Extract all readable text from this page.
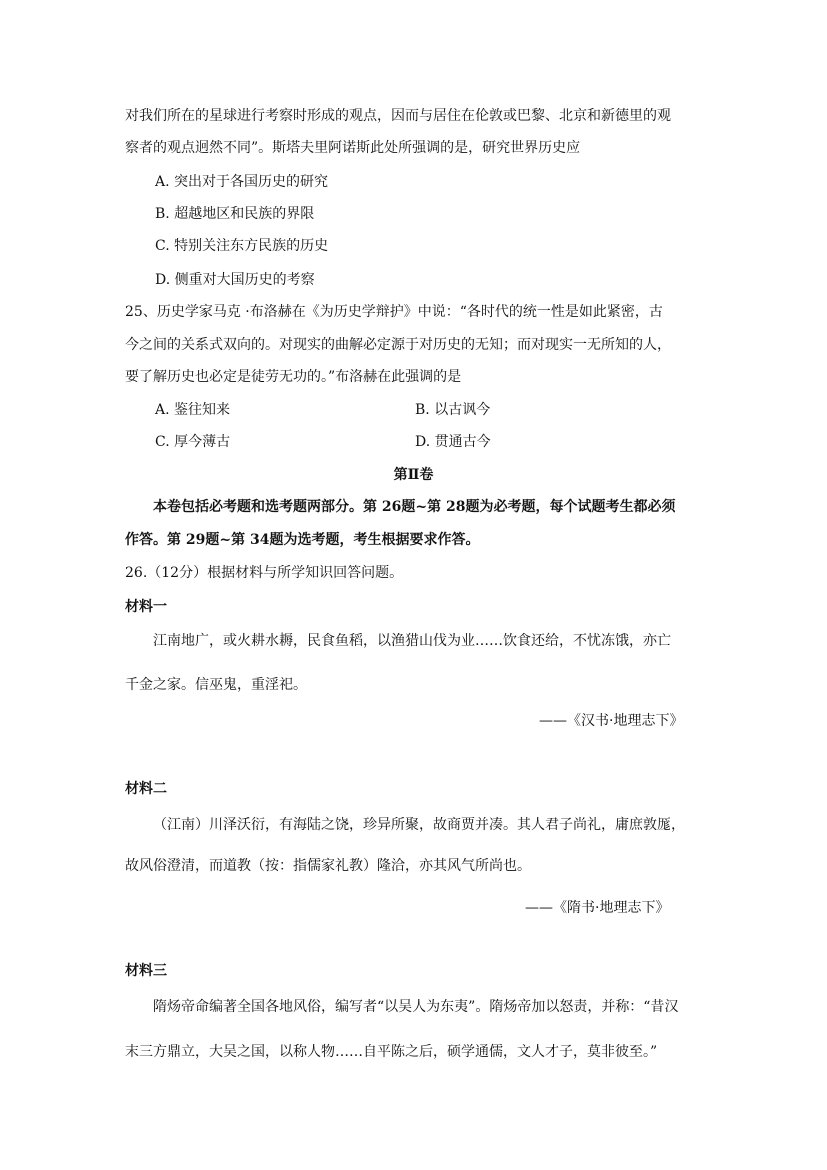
对我们所在的星球进行考察时形成的观点，因而与居住在伦敦或巴黎、北京和新德里的观
察者的观点迥然不同”。斯塔夫里阿诺斯此处所强调的是，研究世界历史应
A. 突出对于各国历史的研究
B. 超越地区和民族的界限
C. 特别关注东方民族的历史
D. 侧重对大国历史的考察
25、历史学家马克 ·布洛赫在《为历史学辩护》中说：“各时代的统一性是如此紧密，古
今之间的关系式双向的。对现实的曲解必定源于对历史的无知；而对现实一无所知的人，
要了解历史也必定是徒劳无功的。”布洛赫在此强调的是
A. 鉴往知来	B. 以古讽今
C. 厚今薄古	D. 贯通古今
第Ⅱ卷
本卷包括必考题和选考题两部分。第 26题~第 28题为必考题，每个试题考生都必须
作答。第 29题~第 34题为选考题，考生根据要求作答。
26.（12分）根据材料与所学知识回答问题。
材料一
江南地广，或火耕水耨，民食鱼稻，以渔猎山伐为业……饮食还给，不忧冻饿，亦亡
千金之家。信巫鬼，重淫祀。
——《汉书·地理志下》
材料二
（江南）川泽沃衍，有海陆之饶，珍异所聚，故商贾并凑。其人君子尚礼，庸庶敦厖，
故风俗澄清，而道教（按：指儒家礼教）隆洽，亦其风气所尚也。
——《隋书·地理志下》
材料三
隋炀帝命编著全国各地风俗，编写者“以吴人为东夷”。隋炀帝加以怒责，并称：“昔汉
末三方鼎立，大吴之国，以称人物……自平陈之后，硕学通儒，文人才子，莫非彼至。”
